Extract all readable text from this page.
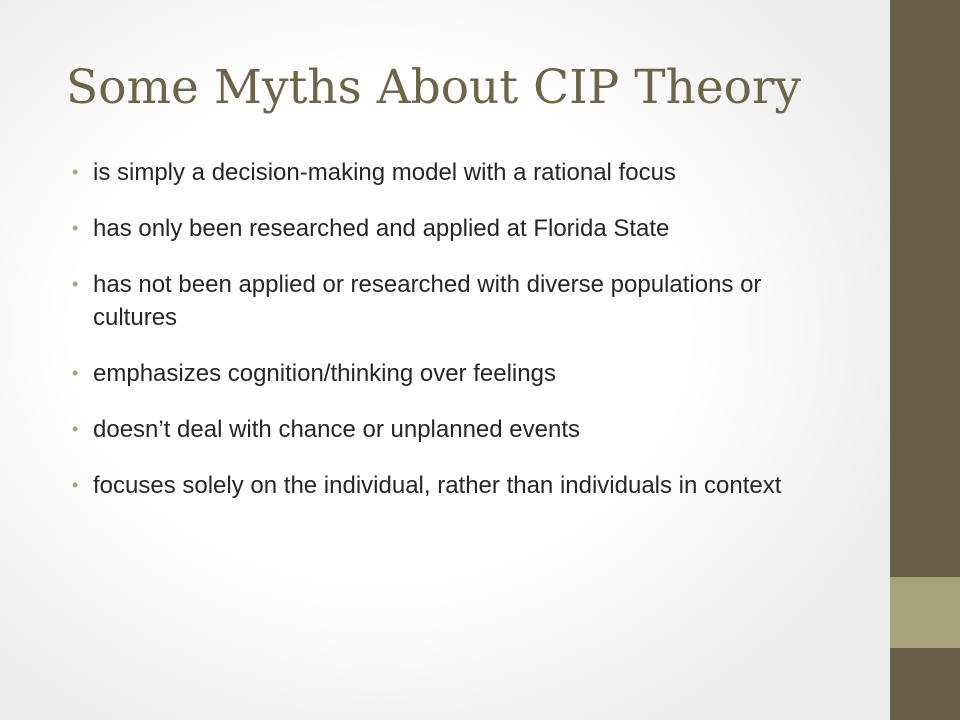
Some Myths About CIP Theory
• is simply a decision-making model with a rational focus
• has only been researched and applied at Florida State
• has not been applied or researched with diverse populations or cultures
• emphasizes cognition/thinking over feelings
• doesn’t deal with chance or unplanned events
• focuses solely on the individual, rather than individuals in context
